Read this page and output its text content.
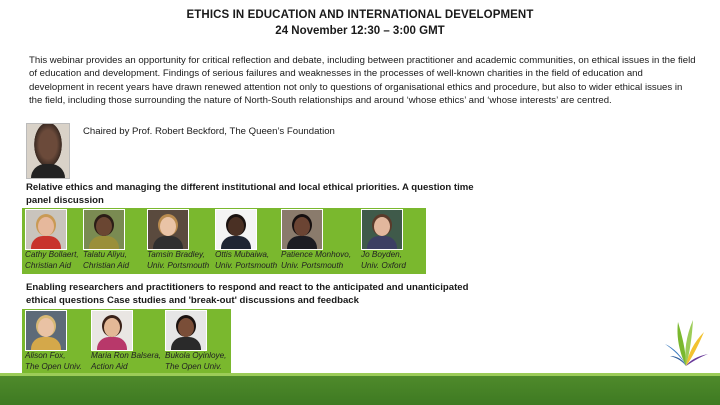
ETHICS IN EDUCATION AND INTERNATIONAL DEVELOPMENT
24 November 12:30 – 3:00 GMT
This webinar provides an opportunity for critical reflection and debate, including between practitioner and academic communities, on ethical issues in the field of education and development. Findings of serious failures and weaknesses in the processes of well-known charities in the field of education and development in recent years have drawn renewed attention not only to questions of organisational ethics and procedure, but also to wider ethical issues in the field, including those surrounding the nature of North-South relationships and around ‘whose ethics’ and ‘whose interests’ are centred.
Chaired by Prof. Robert Beckford, The Queen’s Foundation
Relative ethics and managing the different institutional and local ethical priorities. A question time panel discussion
Cathy Bollaert,
Christian Aid
Talatu Aliyu,
Christian Aid
Tamsin Bradley,
Univ. Portsmouth
Ottis Mubaiwa,
Univ. Portsmouth
Patience Monhovo,
Univ. Portsmouth
Jo Boyden,
Univ. Oxford
Enabling researchers and practitioners to respond and react to the anticipated and unanticipated ethical questions Case studies and 'break-out' discussions and feedback
Alison Fox,
The Open Univ.
Maria Ron Balsera,
Action Aid
Bukola Oyinloye,
The Open Univ.
